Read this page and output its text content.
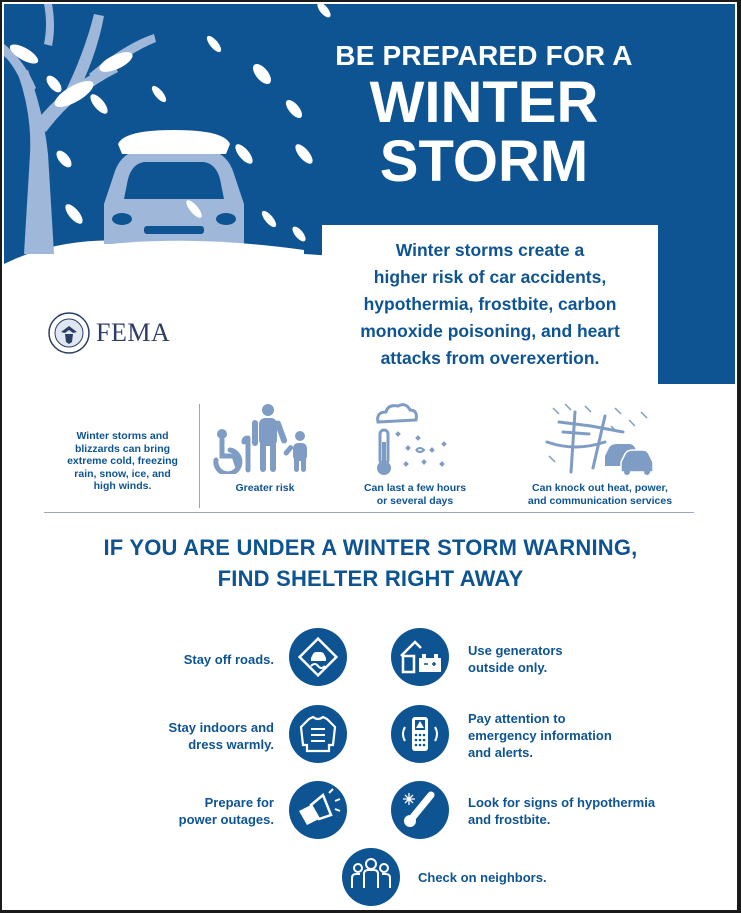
BE PREPARED FOR A
WINTER
STORM
Winter storms create a
higher risk of car accidents,
hypothermia, frostbite, carbon
monoxide poisoning, and heart
attacks from overexertion.
FEMA
FEMA V-1014/June 2018
Winter storms and
blizzards can bring
extreme cold, freezing
rain, snow, ice, and
high winds.	Greater risk	Can last a few hours
or several days
Can knock out heat, power,
and communication services
IF YOU ARE UNDER A WINTER STORM WARNING,
FIND SHELTER RIGHT AWAY
Stay off roads.
Use generators
outside only.
Stay indoors and
dress warmly.
Pay attention to
emergency information
and alerts.
Prepare for
power outages.
Look for signs of hypothermia
and frostbite.
Check on neighbors.
